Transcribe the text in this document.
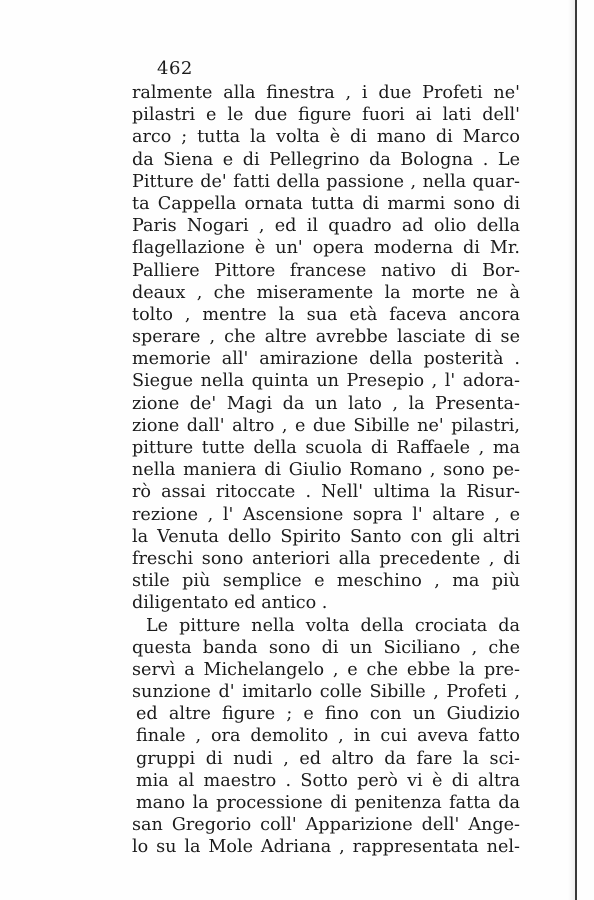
462
ralmente alla finestra , i due Profeti ne'
pilastri e le due figure fuori ai lati dell'
arco ; tutta la volta è di mano di Marco
da Siena e di Pellegrino da Bologna . Le
Pitture de' fatti della passione , nella quar-
ta Cappella ornata tutta di marmi sono di
Paris Nogari , ed il quadro ad olio della
flagellazione è un' opera moderna di Mr.
Palliere Pittore francese nativo di Bor-
deaux , che miseramente la morte ne à
tolto , mentre la sua età faceva ancora
sperare , che altre avrebbe lasciate di se
memorie all' amirazione della posterità .
Siegue nella quinta un Presepio , l' adora-
zione de' Magi da un lato , la Presenta-
zione dall' altro , e due Sibille ne' pilastri,
pitture tutte della scuola di Raffaele , ma
nella maniera di Giulio Romano , sono pe-
rò assai ritoccate . Nell' ultima la Risur-
rezione , l' Ascensione sopra l' altare , e
la Venuta dello Spirito Santo con gli altri
freschi sono anteriori alla precedente , di
stile più semplice e meschino , ma più
diligentato ed antico .
Le pitture nella volta della crociata da
questa banda sono di un Siciliano , che
servì a Michelangelo , e che ebbe la pre-
sunzione d' imitarlo colle Sibille , Profeti ,
ed altre figure ; e fino con un Giudizio
finale , ora demolito , in cui aveva fatto
gruppi di nudi , ed altro da fare la sci-
mia al maestro . Sotto però vi è di altra
mano la processione di penitenza fatta da
san Gregorio coll' Apparizione dell' Ange-
lo su la Mole Adriana , rappresentata nel-
